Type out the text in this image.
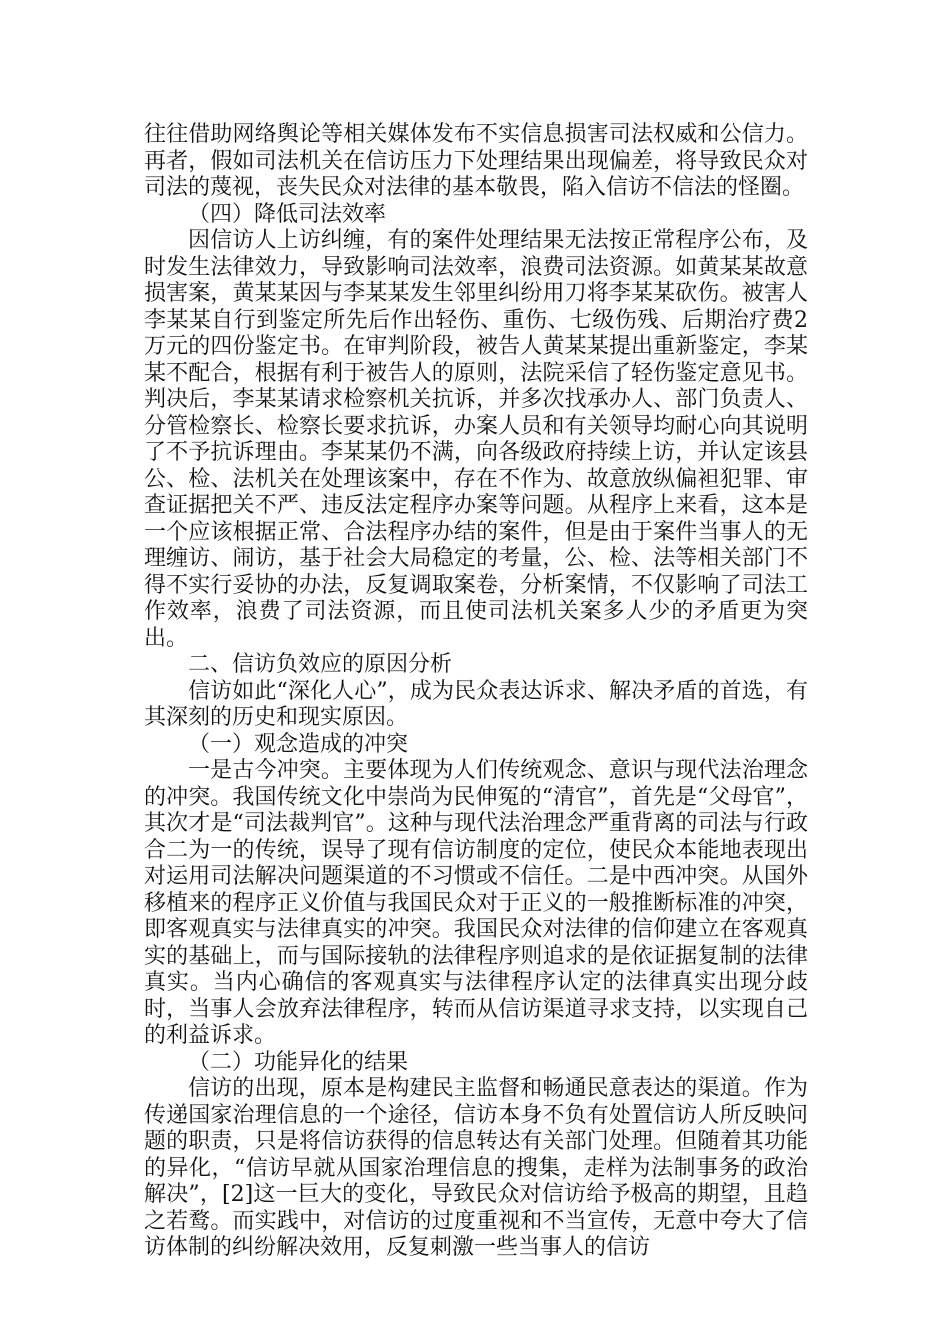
往往借助网络舆论等相关媒体发布不实信息损害司法权威和公信力。再者，假如司法机关在信访压力下处理结果出现偏差，将导致民众对司法的蔑视，丧失民众对法律的基本敬畏，陷入信访不信法的怪圈。

（四）降低司法效率

因信访人上访纠缠，有的案件处理结果无法按正常程序公布，及时发生法律效力，导致影响司法效率，浪费司法资源。如黄某某故意损害案，黄某某因与李某某发生邻里纠纷用刀将李某某砍伤。被害人李某某自行到鉴定所先后作出轻伤、重伤、七级伤残、后期治疗费2万元的四份鉴定书。在审判阶段，被告人黄某某提出重新鉴定，李某某不配合，根据有利于被告人的原则，法院采信了轻伤鉴定意见书。判决后，李某某请求检察机关抗诉，并多次找承办人、部门负责人、分管检察长、检察长要求抗诉，办案人员和有关领导均耐心向其说明了不予抗诉理由。李某某仍不满，向各级政府持续上访，并认定该县公、检、法机关在处理该案中，存在不作为、故意放纵偏袒犯罪、审查证据把关不严、违反法定程序办案等问题。从程序上来看，这本是一个应该根据正常、合法程序办结的案件，但是由于案件当事人的无理缠访、闹访，基于社会大局稳定的考量，公、检、法等相关部门不得不实行妥协的办法，反复调取案卷，分析案情，不仅影响了司法工作效率，浪费了司法资源，而且使司法机关案多人少的矛盾更为突出。

二、信访负效应的原因分析

信访如此“深化人心”，成为民众表达诉求、解决矛盾的首选，有其深刻的历史和现实原因。

（一）观念造成的冲突

一是古今冲突。主要体现为人们传统观念、意识与现代法治理念的冲突。我国传统文化中崇尚为民伸冤的“清官”，首先是“父母官”，其次才是“司法裁判官”。这种与现代法治理念严重背离的司法与行政合二为一的传统，误导了现有信访制度的定位，使民众本能地表现出对运用司法解决问题渠道的不习惯或不信任。二是中西冲突。从国外移植来的程序正义价值与我国民众对于正义的一般推断标准的冲突，即客观真实与法律真实的冲突。我国民众对法律的信仰建立在客观真实的基础上，而与国际接轨的法律程序则追求的是依证据复制的法律真实。当内心确信的客观真实与法律程序认定的法律真实出现分歧时，当事人会放弃法律程序，转而从信访渠道寻求支持，以实现自己的利益诉求。

（二）功能异化的结果

信访的出现，原本是构建民主监督和畅通民意表达的渠道。作为传递国家治理信息的一个途径，信访本身不负有处置信访人所反映问题的职责，只是将信访获得的信息转达有关部门处理。但随着其功能的异化，“信访早就从国家治理信息的搜集，走样为法制事务的政治解决”，[2]这一巨大的变化，导致民众对信访给予极高的期望，且趋之若鹜。而实践中，对信访的过度重视和不当宣传，无意中夸大了信访体制的纠纷解决效用，反复刺激一些当事人的信访
